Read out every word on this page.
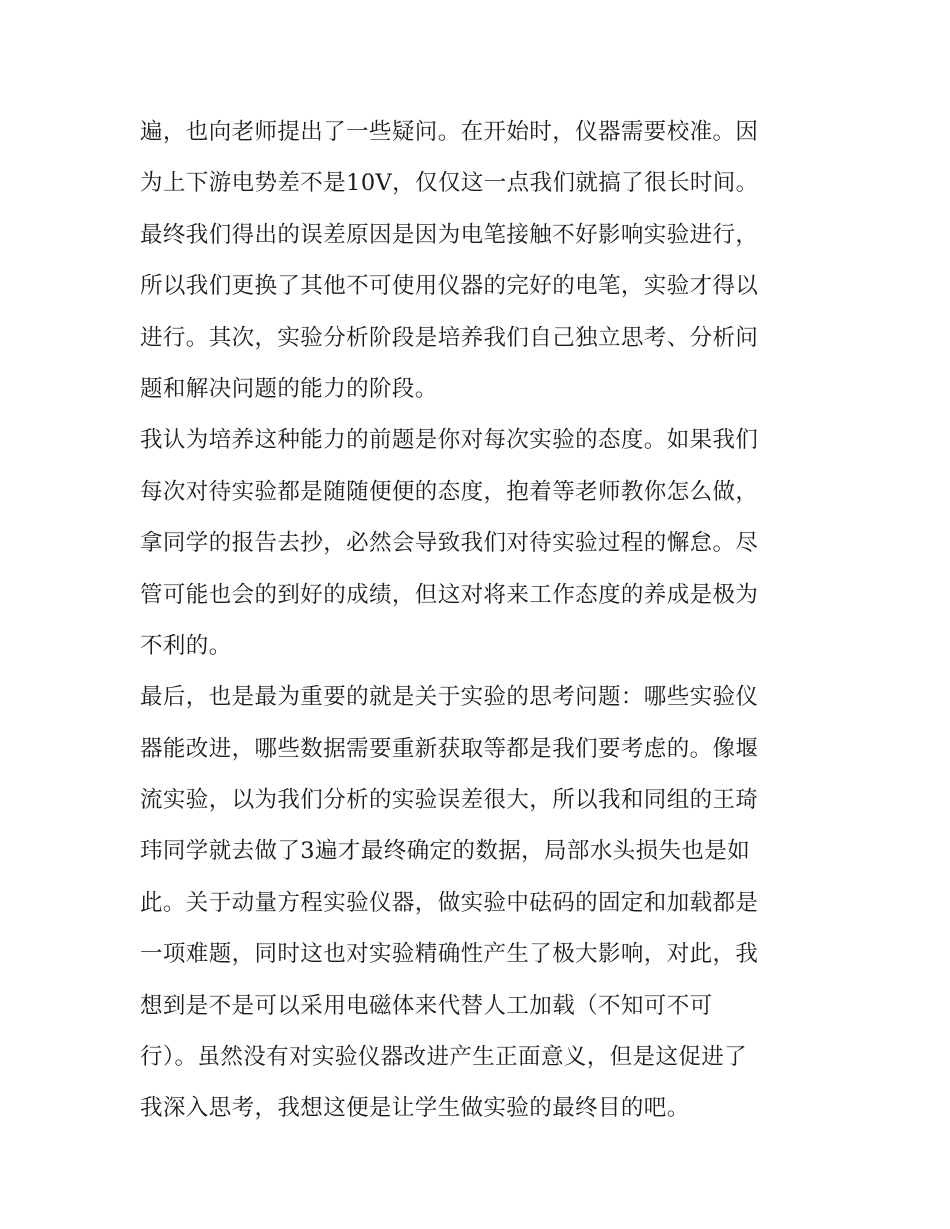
遍，也向老师提出了一些疑问。在开始时，仪器需要校准。因
为上下游电势差不是10V，仅仅这一点我们就搞了很长时间。
最终我们得出的误差原因是因为电笔接触不好影响实验进行，
所以我们更换了其他不可使用仪器的完好的电笔，实验才得以
进行。其次，实验分析阶段是培养我们自己独立思考、分析问
题和解决问题的能力的阶段。
我认为培养这种能力的前题是你对每次实验的态度。如果我们
每次对待实验都是随随便便的态度，抱着等老师教你怎么做，
拿同学的报告去抄，必然会导致我们对待实验过程的懈怠。尽
管可能也会的到好的成绩，但这对将来工作态度的养成是极为
不利的。
最后，也是最为重要的就是关于实验的思考问题：哪些实验仪
器能改进，哪些数据需要重新获取等都是我们要考虑的。像堰
流实验，以为我们分析的实验误差很大，所以我和同组的王琦
玮同学就去做了3遍才最终确定的数据，局部水头损失也是如
此。关于动量方程实验仪器，做实验中砝码的固定和加载都是
一项难题，同时这也对实验精确性产生了极大影响，对此，我
想到是不是可以采用电磁体来代替人工加载（不知可不可
行）。虽然没有对实验仪器改进产生正面意义，但是这促进了
我深入思考，我想这便是让学生做实验的最终目的吧。
